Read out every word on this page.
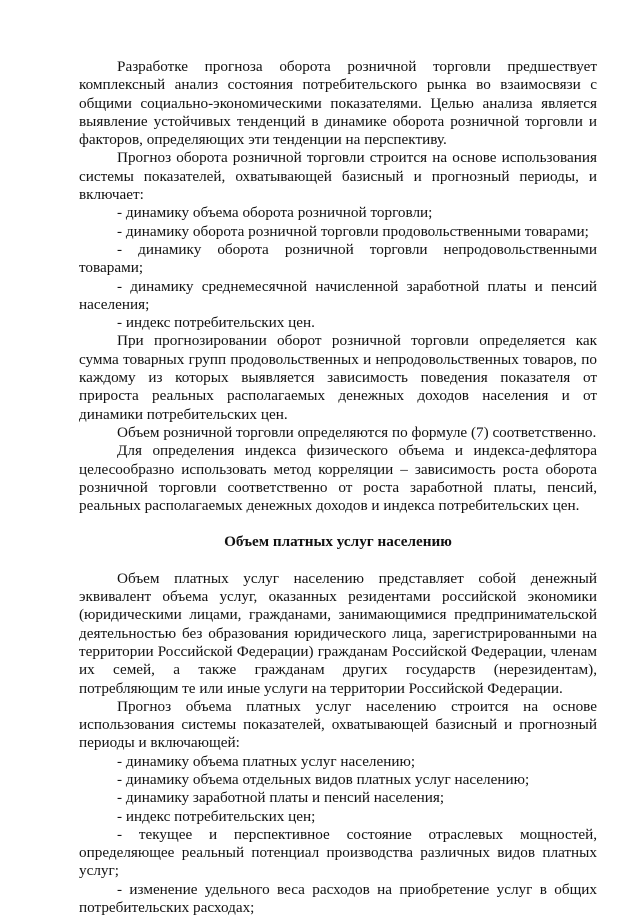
Разработке прогноза оборота розничной торговли предшествует комплексный анализ состояния потребительского рынка во взаимосвязи с общими социально-экономическими показателями. Целью анализа является выявление устойчивых тенденций в динамике оборота розничной торговли и факторов, определяющих эти тенденции на перспективу.

Прогноз оборота розничной торговли строится на основе использования системы показателей, охватывающей базисный и прогнозный периоды, и включает:

- динамику объема оборота розничной торговли;

- динамику оборота розничной торговли продовольственными товарами;

- динамику оборота розничной торговли непродовольственными товарами;

- динамику среднемесячной начисленной заработной платы и пенсий населения;

- индекс потребительских цен.

При прогнозировании оборот розничной торговли определяется как сумма товарных групп продовольственных и непродовольственных товаров, по каждому из которых выявляется зависимость поведения показателя от прироста реальных располагаемых денежных доходов населения и от динамики потребительских цен.

Объем розничной торговли определяются по формуле (7) соответственно.

Для определения индекса физического объема и индекса-дефлятора целесообразно использовать метод корреляции – зависимость роста оборота розничной торговли соответственно от роста заработной платы, пенсий, реальных располагаемых денежных доходов и индекса потребительских цен.

Объем платных услуг населению

Объем платных услуг населению представляет собой денежный эквивалент объема услуг, оказанных резидентами российской экономики (юридическими лицами, гражданами, занимающимися предпринимательской деятельностью без образования юридического лица, зарегистрированными на территории Российской Федерации) гражданам Российской Федерации, членам их семей, а также гражданам других государств (нерезидентам), потребляющим те или иные услуги на территории Российской Федерации.

Прогноз объема платных услуг населению строится на основе использования системы показателей, охватывающей базисный и прогнозный периоды и включающей:

- динамику объема платных услуг населению;

- динамику объема отдельных видов платных услуг населению;

- динамику заработной платы и пенсий населения;

- индекс потребительских цен;

- текущее и перспективное состояние отраслевых мощностей, определяющее реальный потенциал производства различных видов платных услуг;

- изменение удельного веса расходов на приобретение услуг в общих потребительских расходах;
